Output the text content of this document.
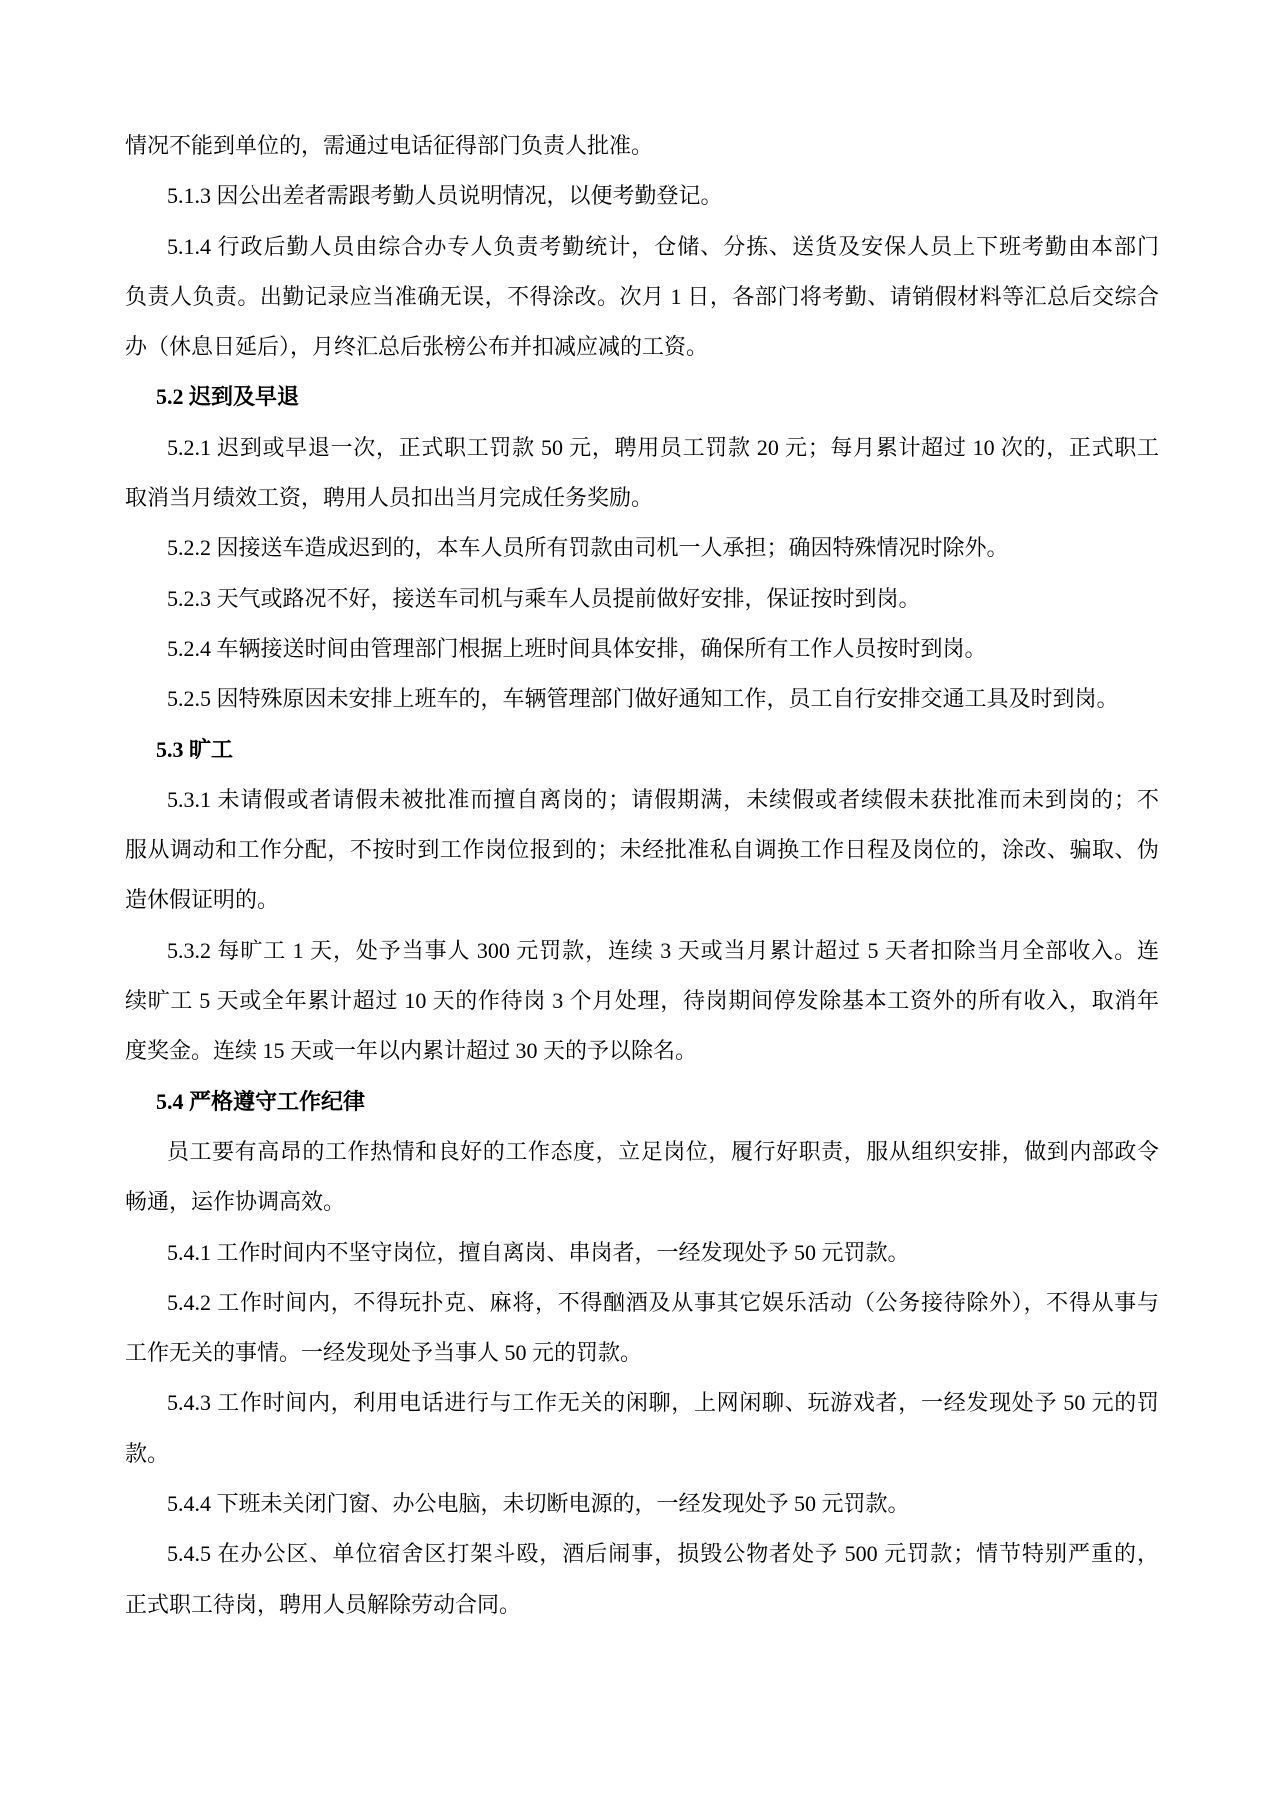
情况不能到单位的，需通过电话征得部门负责人批准。
5.1.3 因公出差者需跟考勤人员说明情况，以便考勤登记。
5.1.4 行政后勤人员由综合办专人负责考勤统计，仓储、分拣、送货及安保人员上下班考勤由本部门
负责人负责。出勤记录应当准确无误，不得涂改。次月 1 日，各部门将考勤、请销假材料等汇总后交综合
办（休息日延后），月终汇总后张榜公布并扣减应减的工资。
5.2 迟到及早退
5.2.1 迟到或早退一次，正式职工罚款 50 元，聘用员工罚款 20 元；每月累计超过 10 次的，正式职工
取消当月绩效工资，聘用人员扣出当月完成任务奖励。
5.2.2 因接送车造成迟到的，本车人员所有罚款由司机一人承担；确因特殊情况时除外。
5.2.3 天气或路况不好，接送车司机与乘车人员提前做好安排，保证按时到岗。
5.2.4 车辆接送时间由管理部门根据上班时间具体安排，确保所有工作人员按时到岗。
5.2.5 因特殊原因未安排上班车的，车辆管理部门做好通知工作，员工自行安排交通工具及时到岗。
5.3 旷工
5.3.1 未请假或者请假未被批准而擅自离岗的；请假期满，未续假或者续假未获批准而未到岗的；不
服从调动和工作分配，不按时到工作岗位报到的；未经批准私自调换工作日程及岗位的，涂改、骗取、伪
造休假证明的。
5.3.2 每旷工 1 天，处予当事人 300 元罚款，连续 3 天或当月累计超过 5 天者扣除当月全部收入。连
续旷工 5 天或全年累计超过 10 天的作待岗 3 个月处理，待岗期间停发除基本工资外的所有收入，取消年
度奖金。连续 15 天或一年以内累计超过 30 天的予以除名。
5.4 严格遵守工作纪律
员工要有高昂的工作热情和良好的工作态度，立足岗位，履行好职责，服从组织安排，做到内部政令
畅通，运作协调高效。
5.4.1 工作时间内不坚守岗位，擅自离岗、串岗者，一经发现处予 50 元罚款。
5.4.2 工作时间内，不得玩扑克、麻将，不得酗酒及从事其它娱乐活动（公务接待除外），不得从事与
工作无关的事情。一经发现处予当事人 50 元的罚款。
5.4.3 工作时间内，利用电话进行与工作无关的闲聊，上网闲聊、玩游戏者，一经发现处予 50 元的罚
款。
5.4.4 下班未关闭门窗、办公电脑，未切断电源的，一经发现处予 50 元罚款。
5.4.5 在办公区、单位宿舍区打架斗殴，酒后闹事，损毁公物者处予 500 元罚款；情节特别严重的，
正式职工待岗，聘用人员解除劳动合同。
